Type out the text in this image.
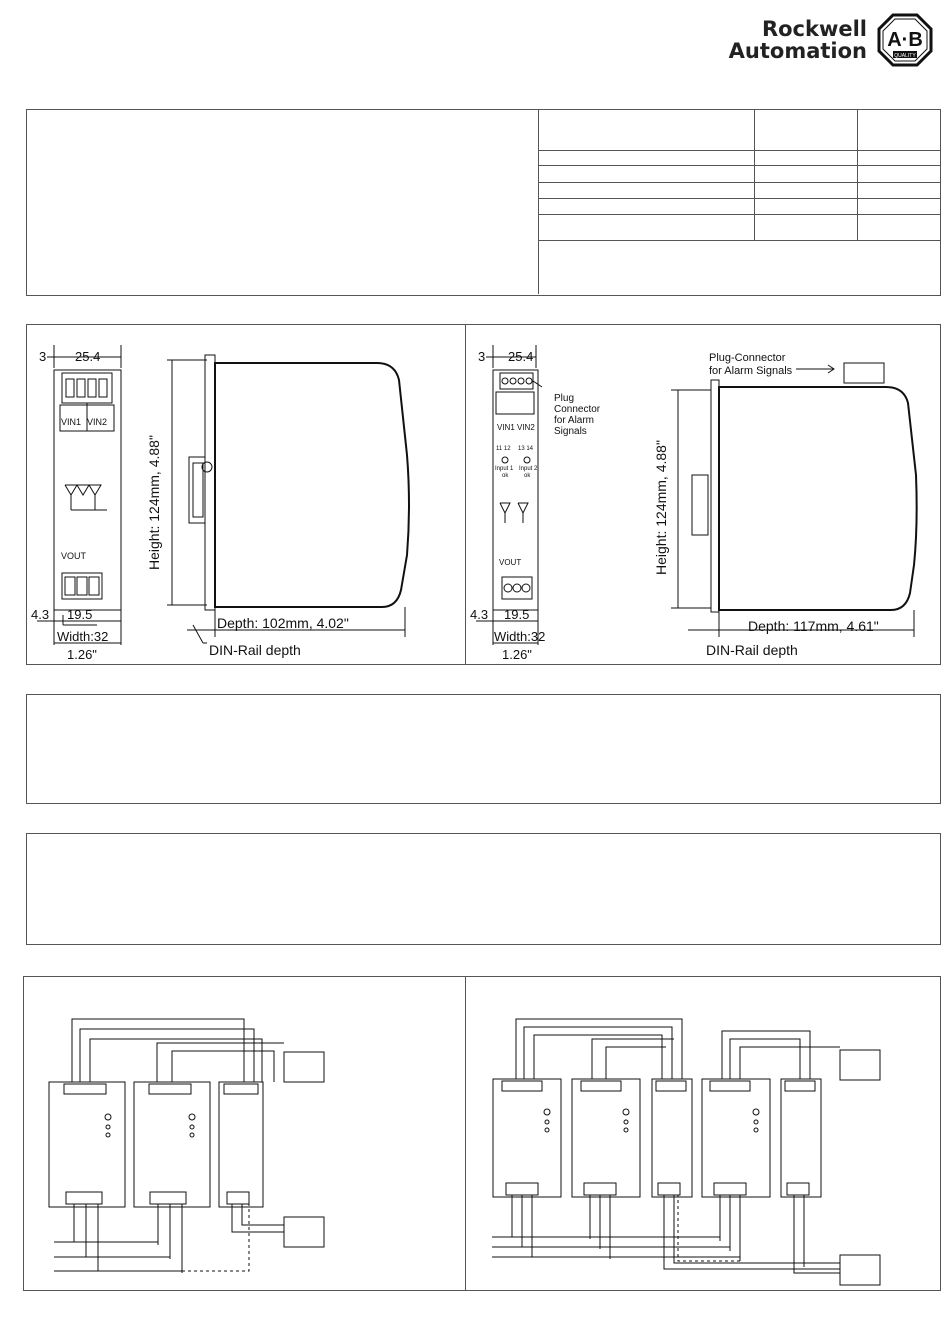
Rockwell
Automation A·B
QUALITY
3 25.4
VIN1 VIN2
VOUT
4.3 19.5
Width:32
1.26"
Height: 124mm, 4.88"
Depth: 102mm, 4.02"
DIN-Rail depth
3 25.4
Plug
Connector
for Alarm
Signals
VIN1 VIN2
11 12 13 14
Input 1 Input 2
ok	ok
VOUT
Plug-Connector
for Alarm Signals
4.3 19.5
Width:32
1.26"
Height: 124mm, 4.88"
Depth: 117mm, 4.61"
DIN-Rail depth
